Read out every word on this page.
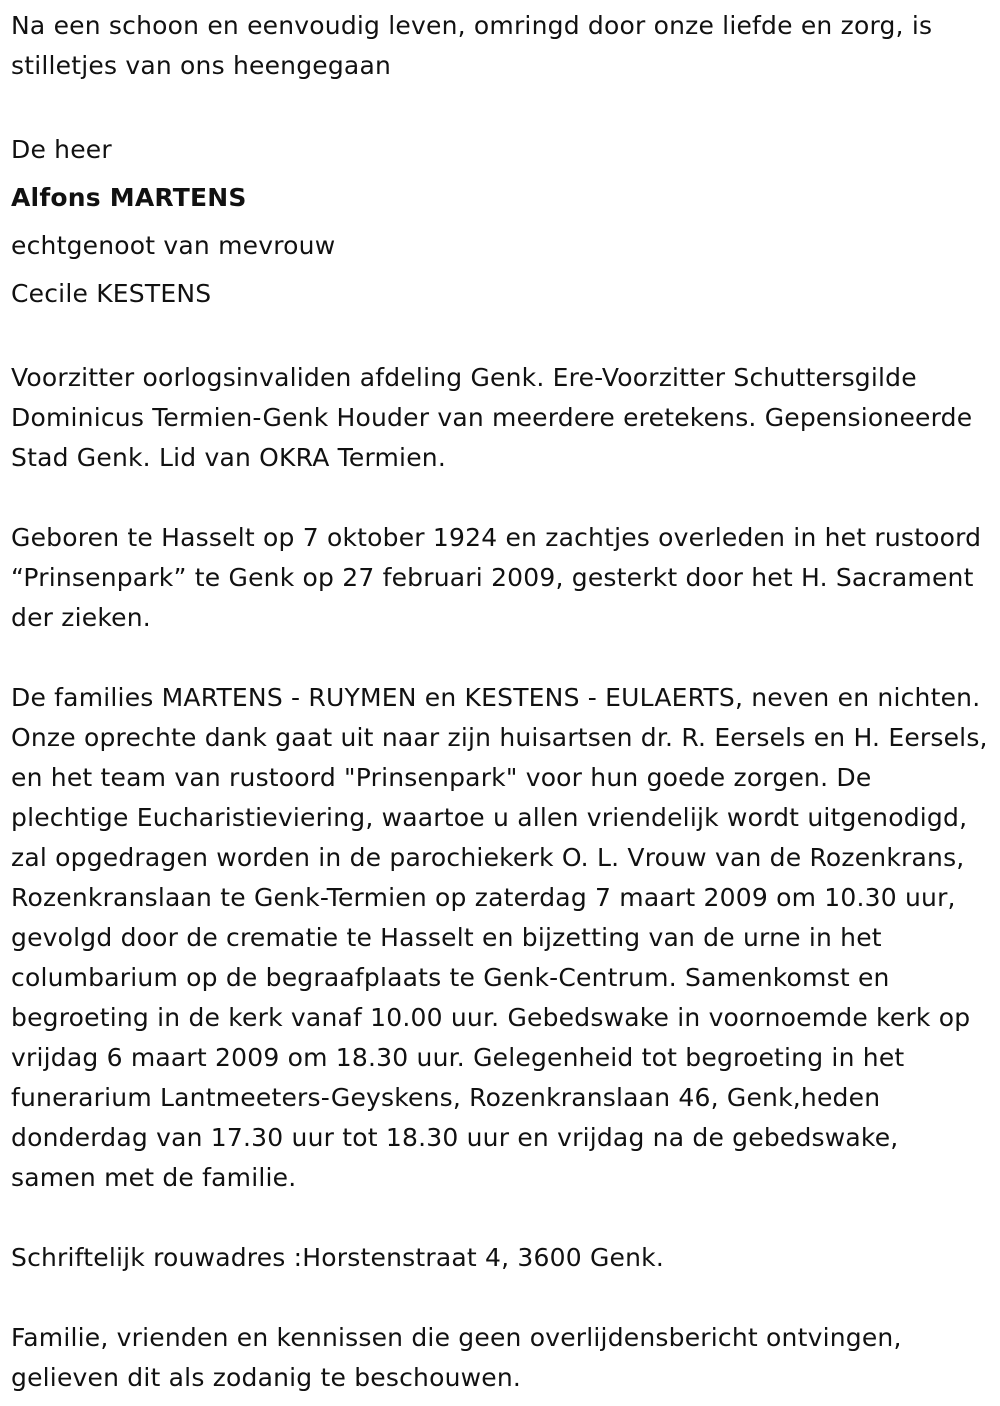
Na een schoon en eenvoudig leven, omringd door onze liefde en zorg, is stilletjes van ons heengegaan

De heer

Alfons MARTENS

echtgenoot van mevrouw

Cecile KESTENS

Voorzitter oorlogsinvaliden afdeling Genk. Ere-Voorzitter Schuttersgilde Dominicus Termien-Genk Houder van meerdere eretekens. Gepensioneerde Stad Genk. Lid van OKRA Termien.

Geboren te Hasselt op 7 oktober 1924 en zachtjes overleden in het rustoord “Prinsenpark” te Genk op 27 februari 2009, gesterkt door het H. Sacrament der zieken.

De families MARTENS - RUYMEN en KESTENS - EULAERTS, neven en nichten. Onze oprechte dank gaat uit naar zijn huisartsen dr. R. Eersels en H. Eersels, en het team van rustoord "Prinsenpark" voor hun goede zorgen. De plechtige Eucharistieviering, waartoe u allen vriendelijk wordt uitgenodigd, zal opgedragen worden in de parochiekerk O. L. Vrouw van de Rozenkrans, Rozenkranslaan te Genk-Termien op zaterdag 7 maart 2009 om 10.30 uur, gevolgd door de crematie te Hasselt en bijzetting van de urne in het columbarium op de begraafplaats te Genk-Centrum. Samenkomst en begroeting in de kerk vanaf 10.00 uur. Gebedswake in voornoemde kerk op vrijdag 6 maart 2009 om 18.30 uur. Gelegenheid tot begroeting in het funerarium Lantmeeters-Geyskens, Rozenkranslaan 46, Genk,heden donderdag van 17.30 uur tot 18.30 uur en vrijdag na de gebedswake, samen met de familie.

Schriftelijk rouwadres :Horstenstraat 4, 3600 Genk.

Familie, vrienden en kennissen die geen overlijdensbericht ontvingen, gelieven dit als zodanig te beschouwen.
